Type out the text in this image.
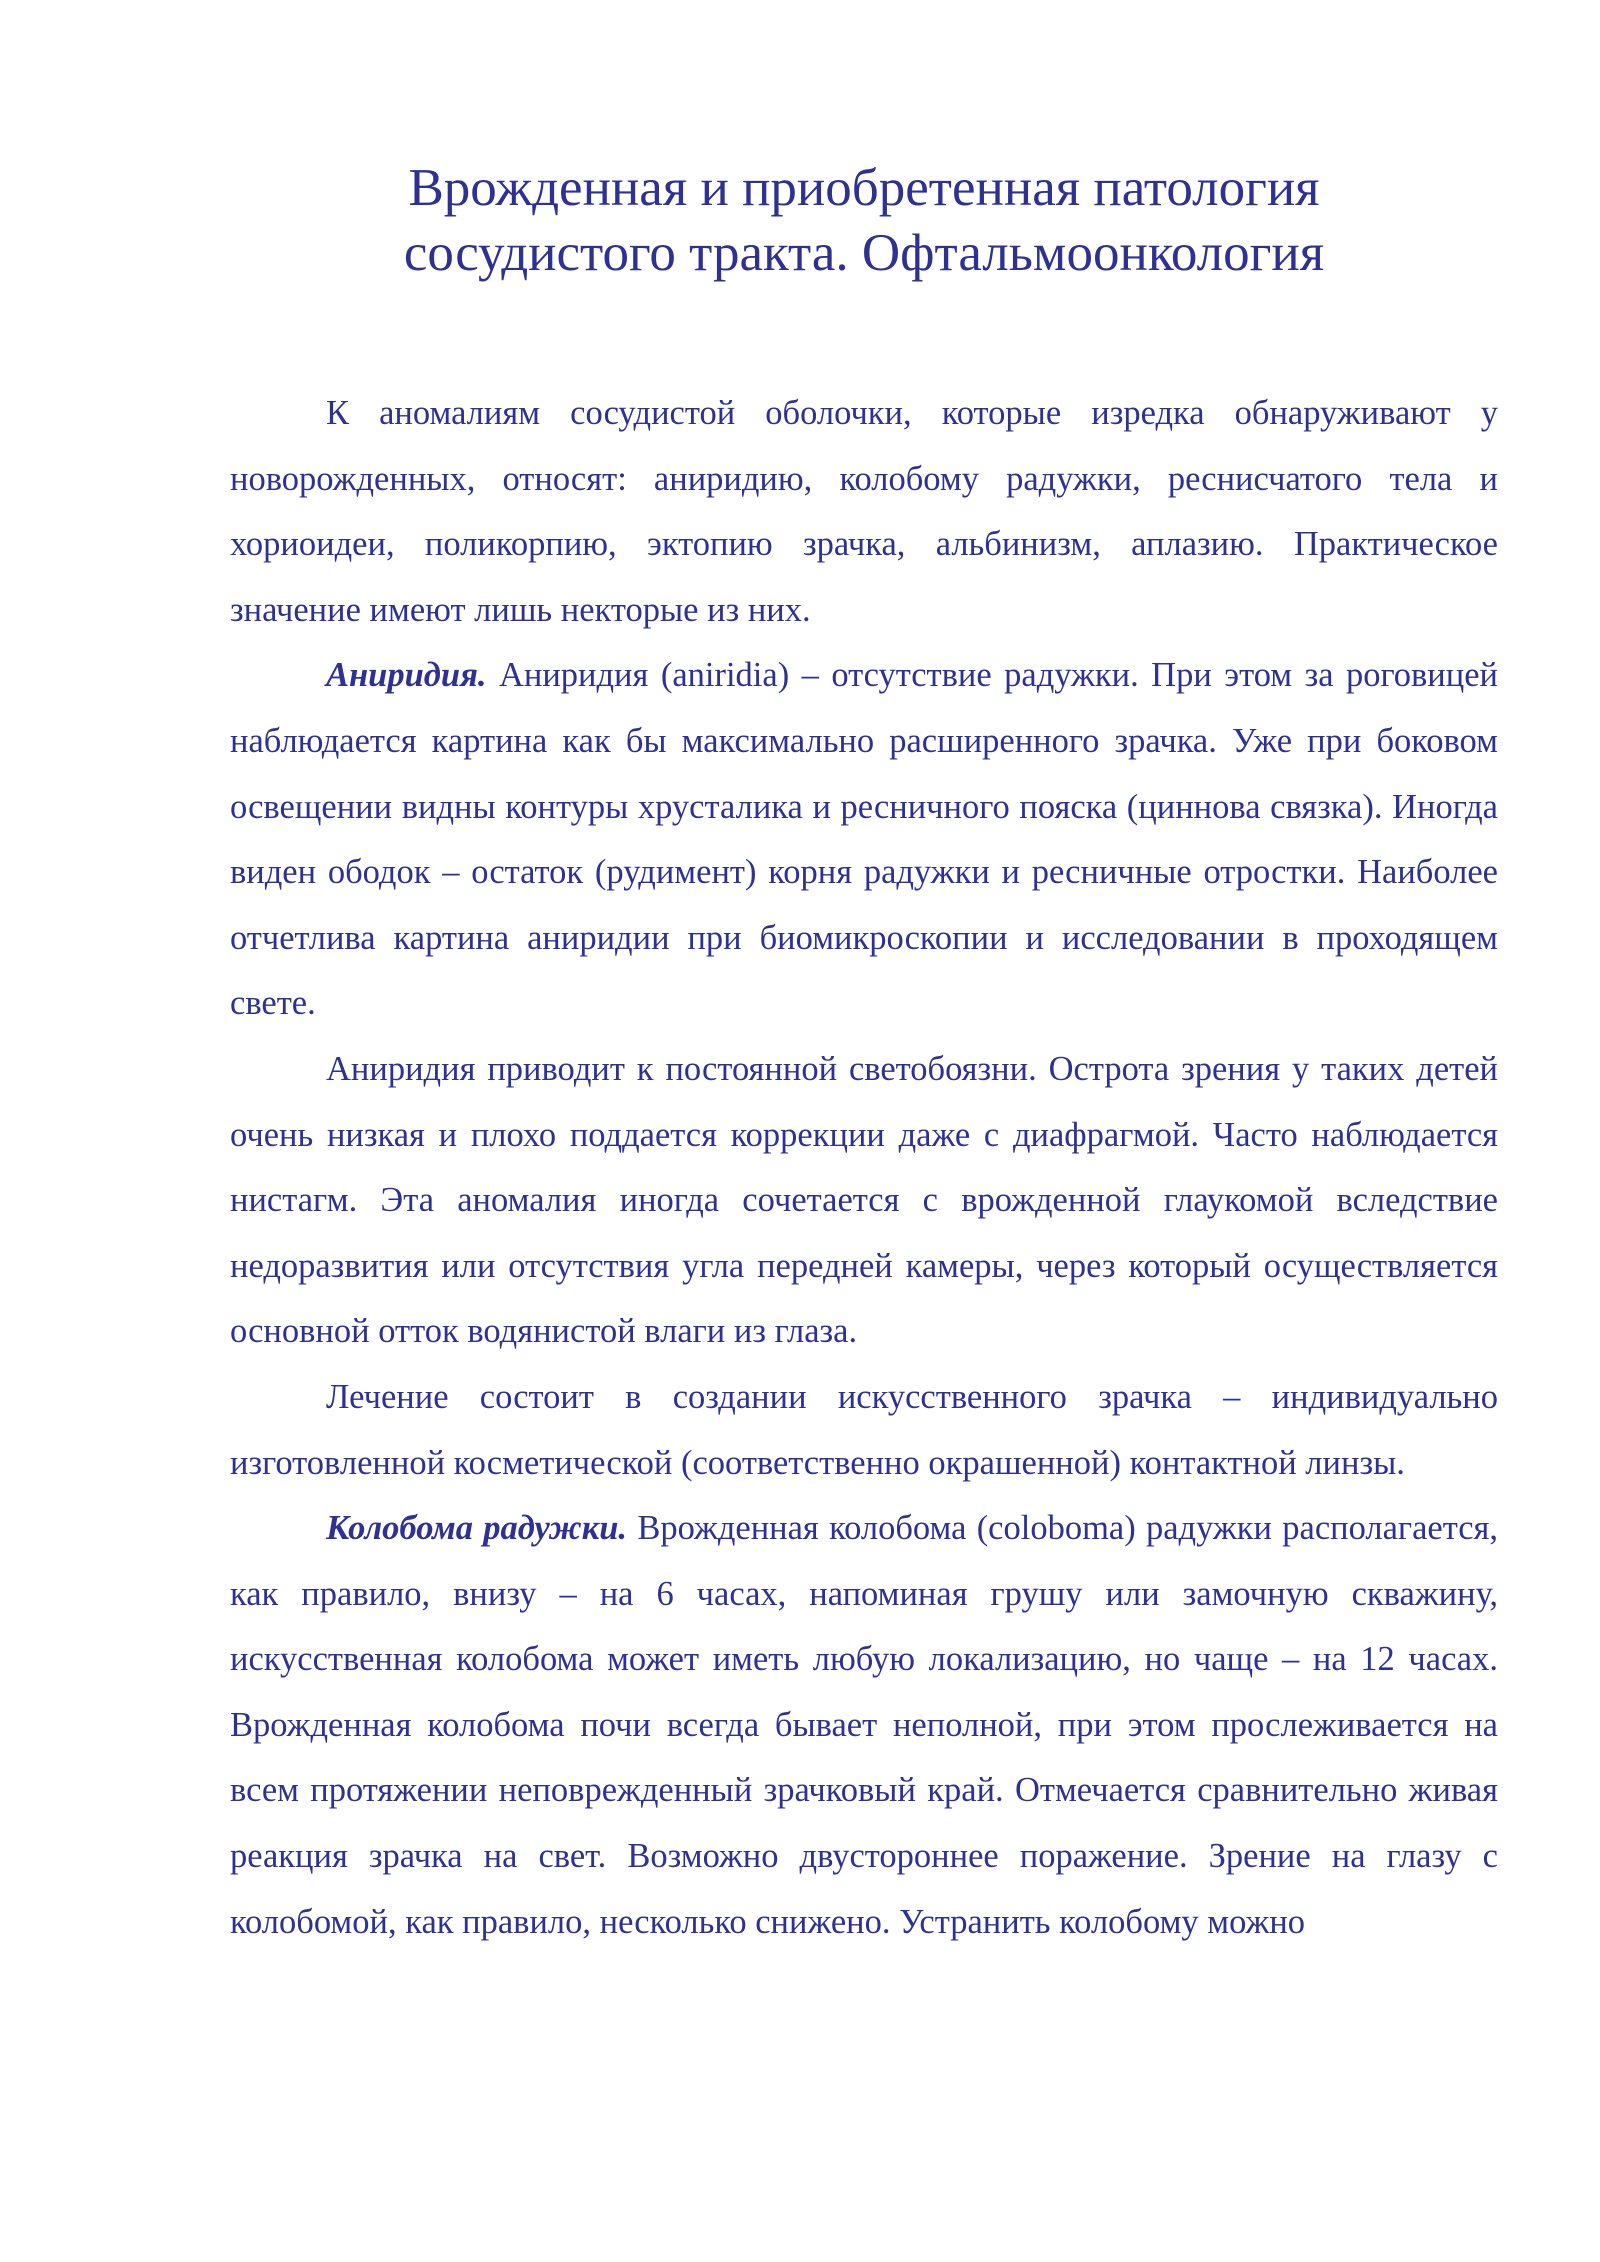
Врожденная и приобретенная патология
сосудистого тракта. Офтальмоонкология

К аномалиям сосудистой оболочки, которые изредка обнаруживают у новорожденных, относят: аниридию, колобому радужки, реснисчатого тела и хориоидеи, поликорпию, эктопию зрачка, альбинизм, аплазию. Практическое значение имеют лишь некторые из них.

Аниридия. Аниридия (aniridia) – отсутствие радужки. При этом за роговицей наблюдается картина как бы максимально расширенного зрачка. Уже при боковом освещении видны контуры хрусталика и ресничного пояска (циннова связка). Иногда виден ободок – остаток (рудимент) корня радужки и ресничные отростки. Наиболее отчетлива картина аниридии при биомикроскопии и исследовании в проходящем свете.

Аниридия приводит к постоянной светобоязни. Острота зрения у таких детей очень низкая и плохо поддается коррекции даже с диафрагмой. Часто наблюдается нистагм. Эта аномалия иногда сочетается с врожденной глаукомой вследствие недоразвития или отсутствия угла передней камеры, через который осуществляется основной отток водянистой влаги из глаза.

Лечение состоит в создании искусственного зрачка – индивидуально изготовленной косметической (соответственно окрашенной) контактной линзы.

Колобома радужки. Врожденная колобома (coloboma) радужки располагается, как правило, внизу – на 6 часах, напоминая грушу или замочную скважину, искусственная колобома может иметь любую локализацию, но чаще – на 12 часах. Врожденная колобома почи всегда бывает неполной, при этом прослеживается на всем протяжении неповрежденный зрачковый край. Отмечается сравнительно живая реакция зрачка на свет. Возможно двустороннее поражение. Зрение на глазу с колобомой, как правило, несколько снижено. Устранить колобому можно
